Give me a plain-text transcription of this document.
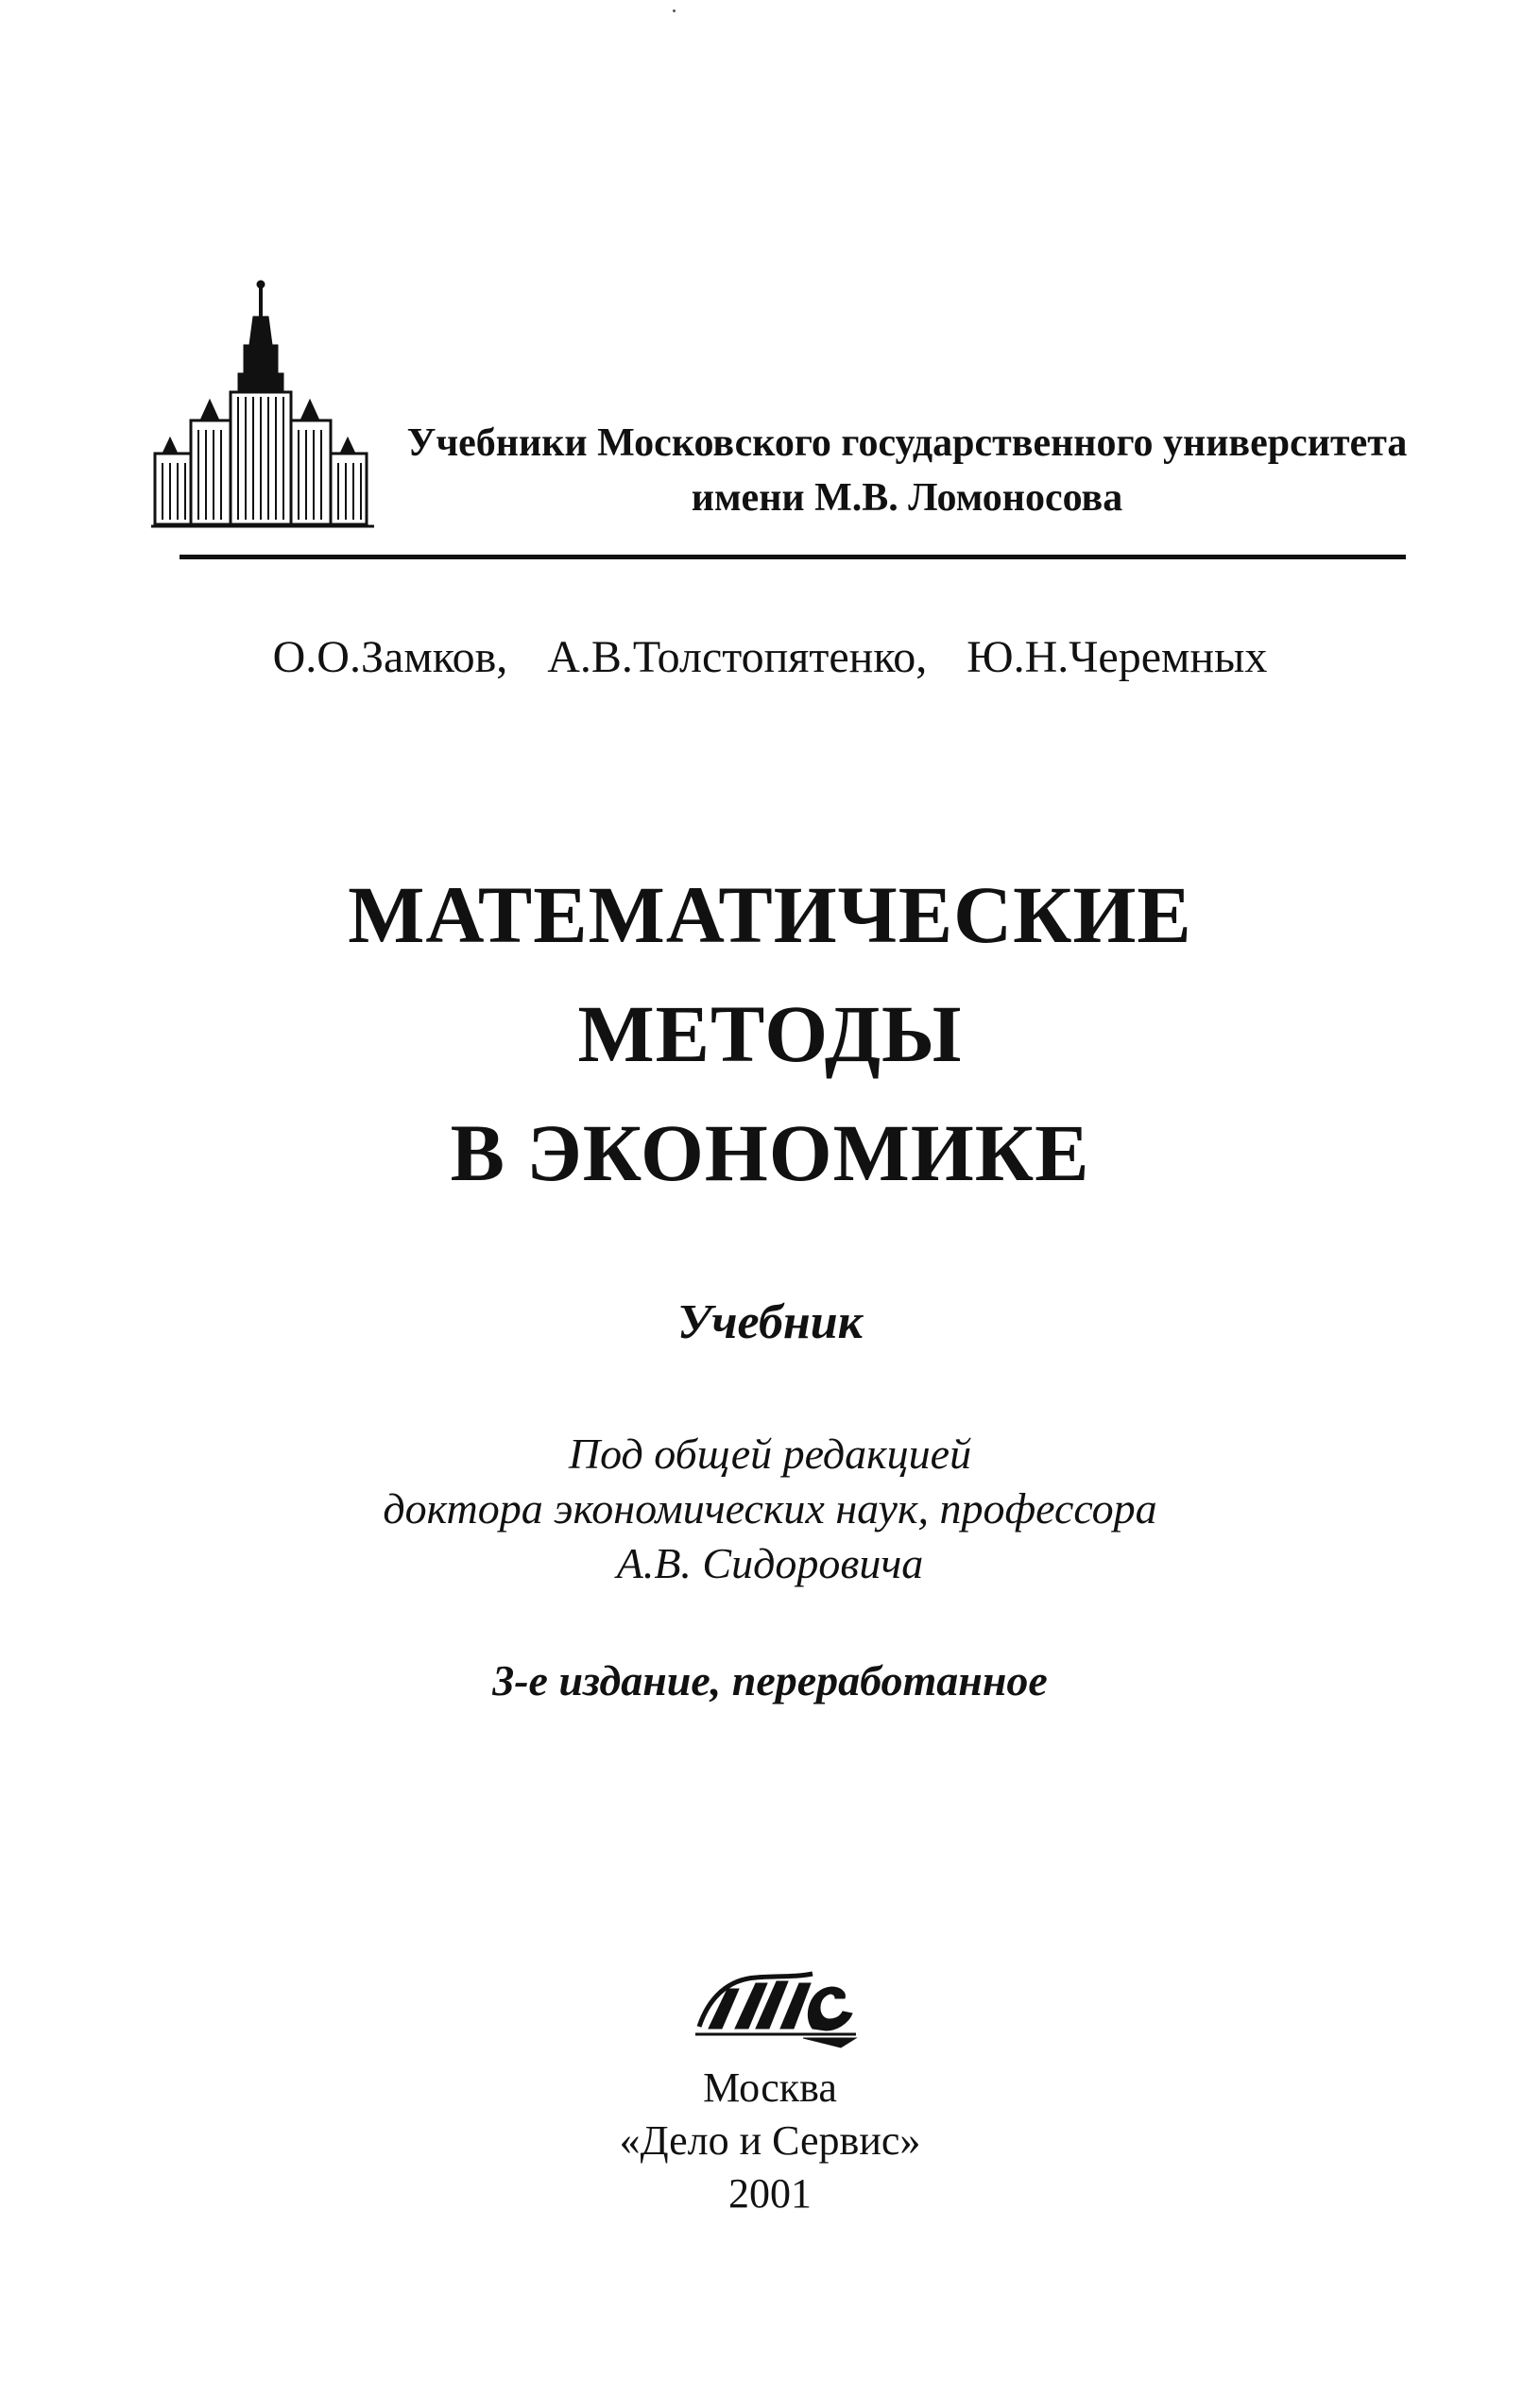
Учебники Московского государственного университета
имени М.В. Ломоносова
О.О.Замков, А.В.Толстопятенко, Ю.Н.Черемных
МАТЕМАТИЧЕСКИЕ
МЕТОДЫ
В ЭКОНОМИКЕ
Учебник
Под общей редакцией
доктора экономических наук, профессора
А.В. Сидоровича
3-е издание, переработанное
Москва
«Дело и Сервис»
2001
